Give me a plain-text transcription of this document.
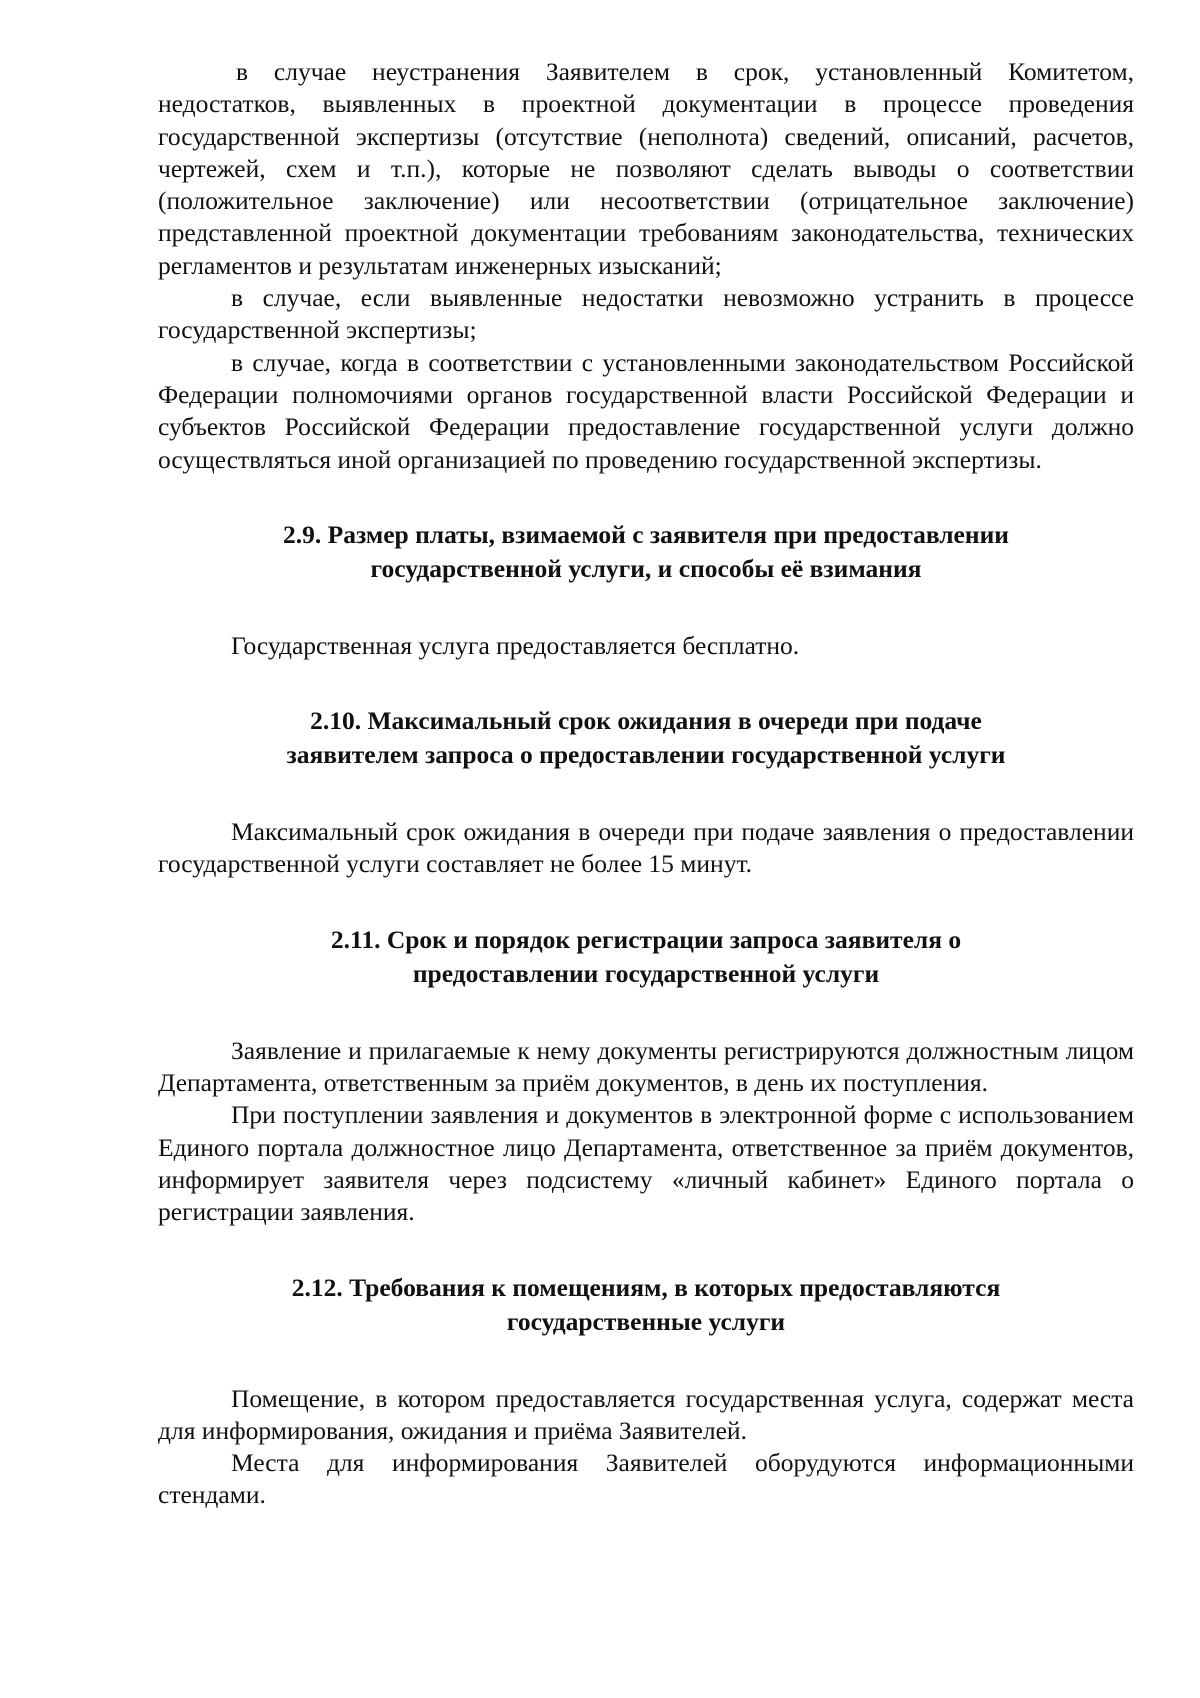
в случае неустранения Заявителем в срок, установленный Комитетом, недостатков, выявленных в проектной документации в процессе проведения государственной экспертизы (отсутствие (неполнота) сведений, описаний, расчетов, чертежей, схем и т.п.), которые не позволяют сделать выводы о соответствии (положительное заключение) или несоответствии (отрицательное заключение) представленной проектной документации требованиям законодательства, технических регламентов и результатам инженерных изысканий;

в случае, если выявленные недостатки невозможно устранить в процессе государственной экспертизы;

в случае, когда в соответствии с установленными законодательством Российской Федерации полномочиями органов государственной власти Российской Федерации и субъектов Российской Федерации предоставление государственной услуги должно осуществляться иной организацией по проведению государственной экспертизы.

2.9. Размер платы, взимаемой с заявителя при предоставлении
государственной услуги, и способы её взимания

Государственная услуга предоставляется бесплатно.

2.10. Максимальный срок ожидания в очереди при подаче
заявителем запроса о предоставлении государственной услуги

Максимальный срок ожидания в очереди при подаче заявления о предоставлении государственной услуги составляет не более 15 минут.

2.11. Срок и порядок регистрации запроса заявителя о
предоставлении государственной услуги

Заявление и прилагаемые к нему документы регистрируются должностным лицом Департамента, ответственным за приём документов, в день их поступления.

При поступлении заявления и документов в электронной форме с использованием Единого портала должностное лицо Департамента, ответственное за приём документов, информирует заявителя через подсистему «личный кабинет» Единого портала о регистрации заявления.

2.12. Требования к помещениям, в которых предоставляются
государственные услуги

Помещение, в котором предоставляется государственная услуга, содержат места для информирования, ожидания и приёма Заявителей.

Места для информирования Заявителей оборудуются информационными стендами.
